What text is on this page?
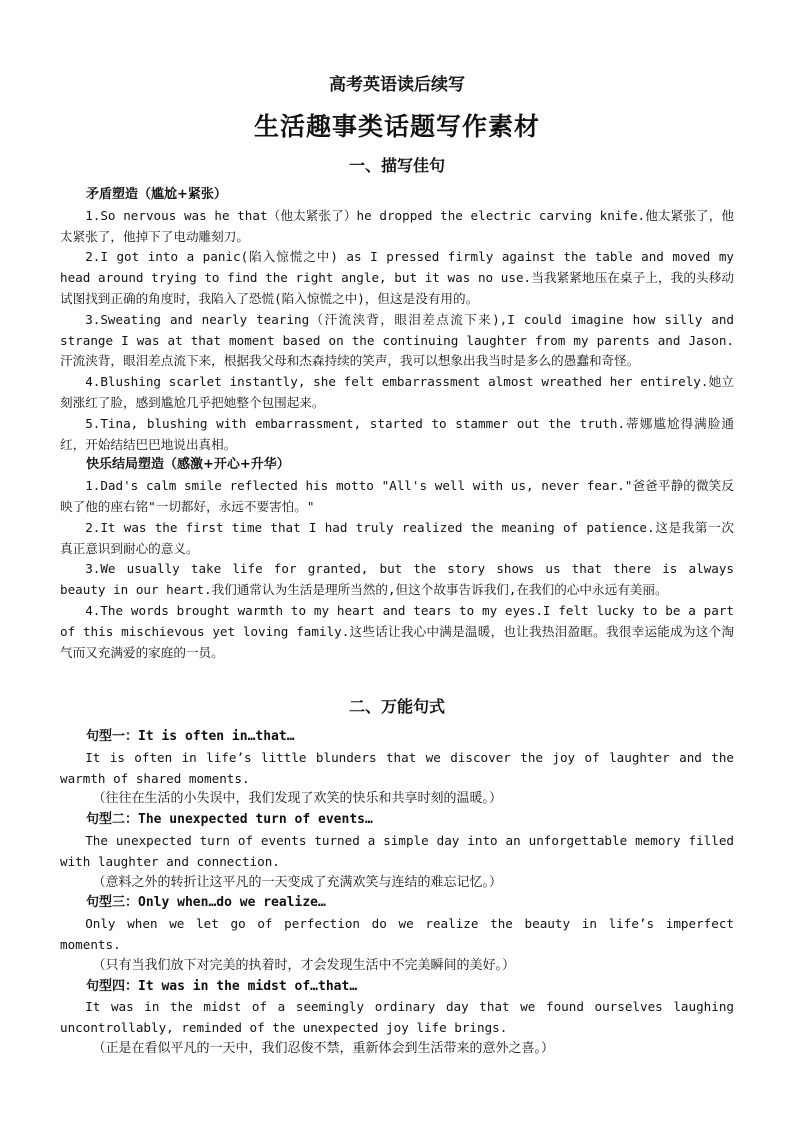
高考英语读后续写
生活趣事类话题写作素材
一、描写佳句

矛盾塑造（尴尬+紧张）

1.So nervous was he that（他太紧张了）he dropped the electric carving knife.他太紧张了，他太紧张了，他掉下了电动雕刻刀。

2.I got into a panic(陷入惊慌之中) as I pressed firmly against the table and moved my head around trying to find the right angle, but it was no use.当我紧紧地压在桌子上，我的头移动试图找到正确的角度时，我陷入了恐慌(陷入惊慌之中)，但这是没有用的。

3.Sweating and nearly tearing（汗流浃背，眼泪差点流下来),I could imagine how silly and strange I was at that moment based on the continuing laughter from my parents and Jason.汗流浃背，眼泪差点流下来，根据我父母和杰森持续的笑声，我可以想象出我当时是多么的愚蠢和奇怪。

4.Blushing scarlet instantly, she felt embarrassment almost wreathed her entirely.她立刻涨红了脸，感到尴尬几乎把她整个包围起来。

5.Tina, blushing with embarrassment, started to stammer out the truth.蒂娜尴尬得满脸通红，开始结结巴巴地说出真相。

快乐结局塑造（感激+开心+升华）

1.Dad's calm smile reflected his motto "All's well with us, never fear."爸爸平静的微笑反映了他的座右铭"一切都好，永远不要害怕。"

2.It was the first time that I had truly realized the meaning of patience.这是我第一次真正意识到耐心的意义。

3.We usually take life for granted, but the story shows us that there is always beauty in our heart.我们通常认为生活是理所当然的,但这个故事告诉我们,在我们的心中永远有美丽。

4.The words brought warmth to my heart and tears to my eyes.I felt lucky to be a part of this mischievous yet loving family.这些话让我心中满是温暖，也让我热泪盈眶。我很幸运能成为这个淘气而又充满爱的家庭的一员。

二、万能句式

句型一：It is often in…that…

It is often in life’s little blunders that we discover the joy of laughter and the warmth of shared moments.

（往往在生活的小失误中，我们发现了欢笑的快乐和共享时刻的温暖。）

句型二：The unexpected turn of events…

The unexpected turn of events turned a simple day into an unforgettable memory filled with laughter and connection.

（意料之外的转折让这平凡的一天变成了充满欢笑与连结的难忘记忆。）

句型三：Only when…do we realize…

Only when we let go of perfection do we realize the beauty in life’s imperfect moments.

（只有当我们放下对完美的执着时，才会发现生活中不完美瞬间的美好。）

句型四：It was in the midst of…that…

It was in the midst of a seemingly ordinary day that we found ourselves laughing uncontrollably, reminded of the unexpected joy life brings.

（正是在看似平凡的一天中，我们忍俊不禁，重新体会到生活带来的意外之喜。）
